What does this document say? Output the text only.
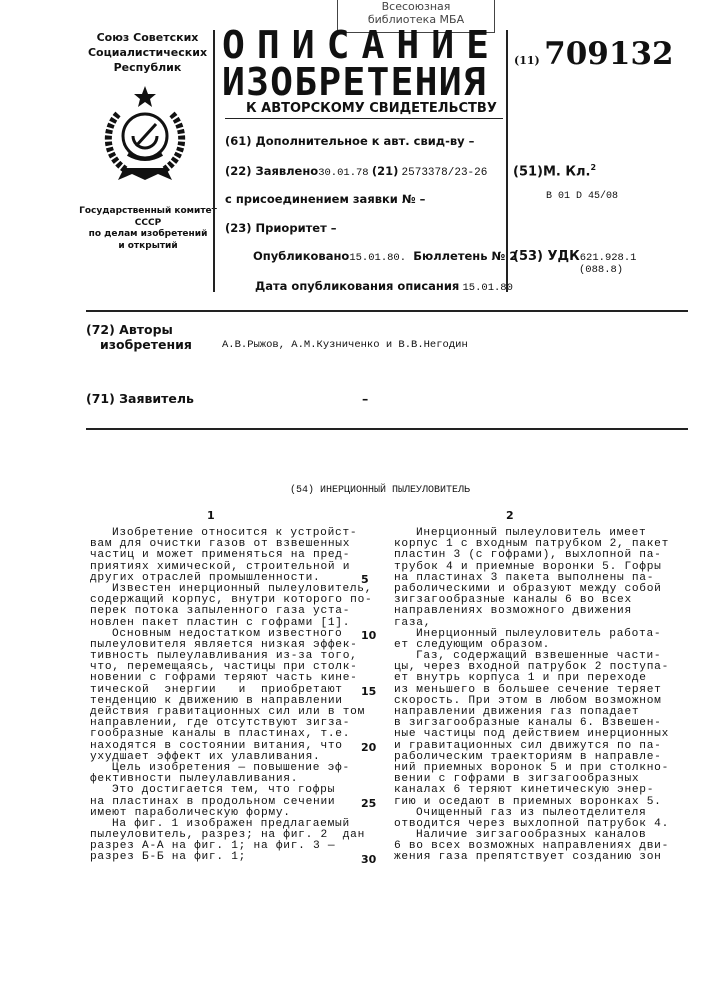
Всесоюзная
библиотека МБА
Союз Советских
Социалистических
Республик
Государственный комитет
СССР
по делам изобретений
и открытий
ОПИСАНИЕ
ИЗОБРЕТЕНИЯ
К АВТОРСКОМУ СВИДЕТЕЛЬСТВУ
(61) Дополнительное к авт. свид-ву –
(22) Заявлено30.01.78 (21) 2573378/23-26
с присоединением заявки № –
(23) Приоритет –
Опубликовано15.01.80. Бюллетень № 2
Дата опубликования описания 15.01.80
(11) 709132
(51)М. Кл.2
B 01 D 45/08
(53) УДК621.928.1
(088.8)
(72) Авторы
изобретения	А.В.Рыжов, А.М.Кузниченко и В.В.Негодин
(71) Заявитель	–
(54) ИНЕРЦИОННЫЙ ПЫЛЕУЛОВИТЕЛЬ
1	2
Изобретение относится к устройст-
вам для очистки газов от взвешенных
частиц и может применяться на пред-
приятиях химической, строительной и
других отраслей промышленности.
Известен инерционный пылеуловитель,
содержащий корпус, внутри которого по-
перек потока запыленного газа уста-
новлен пакет пластин с гофрами [1].
Основным недостатком известного
пылеуловителя является низкая эффек-
тивность пылеулавливания из-за того,
что, перемещаясь, частицы при столк-
новении с гофрами теряют часть кине-
тической  энергии   и  приобретают
тенденцию к движению в направлении
действия гравитационных сил или в том
направлении, где отсутствуют зигза-
гообразные каналы в пластинах, т.е.
находятся в состоянии витания, что
ухудшает эффект их улавливания.
Цель изобретения — повышение эф-
фективности пылеулавливания.
Это достигается тем, что гофры
на пластинах в продольном сечении
имеют параболическую форму.
На фиг. 1 изображен предлагаемый
пылеуловитель, разрез; на фиг. 2  дан
разрез А-А на фиг. 1; на фиг. 3 —
разрез Б-Б на фиг. 1;
Инерционный пылеуловитель имеет
корпус 1 с входным патрубком 2, пакет
пластин 3 (с гофрами), выхлопной па-
трубок 4 и приемные воронки 5. Гофры
на пластинах 3 пакета выполнены па-
раболическими и образуют между собой
зигзагообразные каналы 6 во всех
направлениях возможного движения
газа,
Инерционный пылеуловитель работа-
ет следующим образом.
Газ, содержащий взвешенные части-
цы, через входной патрубок 2 поступа-
ет внутрь корпуса 1 и при переходе
из меньшего в большее сечение теряет
скорость. При этом в любом возможном
направлении движения газ попадает
в зигзагообразные каналы 6. Взвешен-
ные частицы под действием инерционных
и гравитационных сил движутся по па-
раболическим траекториям в направле-
ний приемных воронок 5 и при столкно-
вении с гофрами в зигзагообразных
каналах 6 теряют кинетическую энер-
гию и оседают в приемных воронках 5.
Очищенный газ из пылеотделителя
отводится через выхлопной патрубок 4.
Наличие зигзагообразных каналов
6 во всех возможных направлениях дви-
жения газа препятствует созданию зон
5
10
15
20
25
30
